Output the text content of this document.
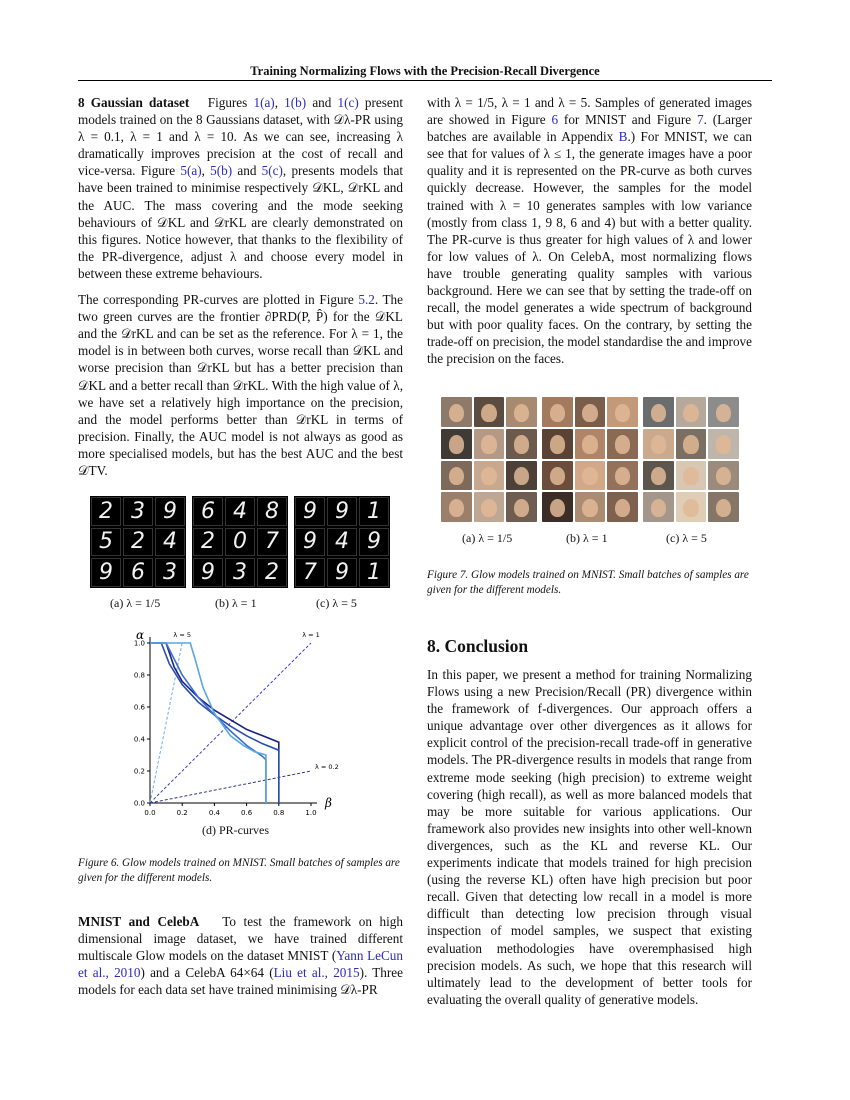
Training Normalizing Flows with the Precision-Recall Divergence

8 Gaussian dataset Figures 1(a), 1(b) and 1(c) present models trained on the 8 Gaussians dataset, with 𝒟λ-PR using λ = 0.1, λ = 1 and λ = 10. As we can see, increasing λ dramatically improves precision at the cost of recall and vice-versa. Figure 5(a), 5(b) and 5(c), presents models that have been trained to minimise respectively 𝒟KL, 𝒟rKL and the AUC. The mass covering and the mode seeking behaviours of 𝒟KL and 𝒟rKL are clearly demonstrated on this figures. Notice however, that thanks to the flexibility of the PR-divergence, adjust λ and choose every model in between these extreme behaviours.

The corresponding PR-curves are plotted in Figure 5.2. The two green curves are the frontier ∂PRD(P, P̂) for the 𝒟KL and the 𝒟rKL and can be set as the reference. For λ = 1, the model is in between both curves, worse recall than 𝒟KL and worse precision than 𝒟rKL but has a better precision than 𝒟KL and a better recall than 𝒟rKL. With the high value of λ, we have set a relatively high importance on the precision, and the model performs better than 𝒟rKL in terms of precision. Finally, the AUC model is not always as good as more specialised models, but has the best AUC and the best 𝒟TV.

2 3 9
5 2 4
9 6 3
6 4 8
2 0 7
9 3 2
9 9 1
9 4 9
7 9 1
(a) λ = 1/5	(b) λ = 1	(c) λ = 5
0.0	0.2	0.4	0.6	0.8	1.0
0.0
0.2
0.4
0.6
0.8
1.0
β
α	λ = 1
λ = 5
λ = 0.2
(d) PR-curves
Figure 6. Glow models trained on MNIST. Small batches of samples are given for the different models.

MNIST and CelebA To test the framework on high dimensional image dataset, we have trained different multiscale Glow models on the dataset MNIST (Yann LeCun et al., 2010) and a CelebA 64×64 (Liu et al., 2015). Three models for each data set have trained minimising 𝒟λ-PR

with λ = 1/5, λ = 1 and λ = 5. Samples of generated images are showed in Figure 6 for MNIST and Figure 7. (Larger batches are available in Appendix B.) For MNIST, we can see that for values of λ ≤ 1, the generate images have a poor quality and it is represented on the PR-curve as both curves quickly decrease. However, the samples for the model trained with λ = 10 generates samples with low variance (mostly from class 1, 9 8, 6 and 4) but with a better quality. The PR-curve is thus greater for high values of λ and lower for low values of λ. On CelebA, most normalizing flows have trouble generating quality samples with various background. Here we can see that by setting the trade-off on recall, the model generates a wide spectrum of background but with poor quality faces. On the contrary, by setting the trade-off on precision, the model standardise the and improve the precision on the faces.

(a) λ = 1/5	(b) λ = 1	(c) λ = 5
Figure 7. Glow models trained on MNIST. Small batches of samples are given for the different models.
8. Conclusion

In this paper, we present a method for training Normalizing Flows using a new Precision/Recall (PR) divergence within the framework of f-divergences. Our approach offers a unique advantage over other divergences as it allows for explicit control of the precision-recall trade-off in generative models. The PR-divergence results in models that range from extreme mode seeking (high precision) to extreme weight covering (high recall), as well as more balanced models that may be more suitable for various applications. Our framework also provides new insights into other well-known divergences, such as the KL and reverse KL. Our experiments indicate that models trained for high precision (using the reverse KL) often have high precision but poor recall. Given that detecting low recall in a model is more difficult than detecting low precision through visual inspection of model samples, we suspect that existing evaluation methodologies have overemphasised high precision models. As such, we hope that this research will ultimately lead to the development of better tools for evaluating the overall quality of generative models.
